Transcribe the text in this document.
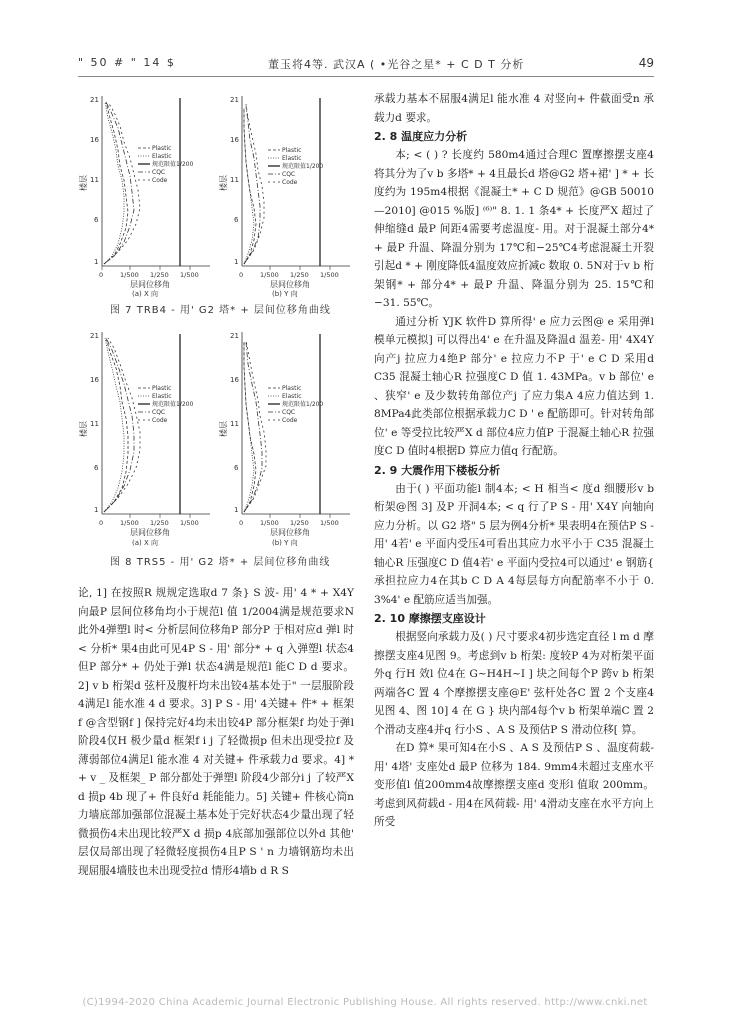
" 50 # " 14 $	董玉将4等. 武汉A ( •光谷之星* + C D T 分析	49
21
16
11
6
1
0	1/500 1/250 1/500
楼层
层间位移角
(a) X 向
Plastic
Elastic
规范限值1/200
CQC
Code
21
16
11
6
1
0	1/500 1/250 1/500
楼层
层间位移角
(b) Y 向
Plastic
Elastic
规范限值1/200
CQC
Code
图 7 TRB4 - 用' G2 塔* + 层间位移角曲线
21
16
11
6
1
0	1/500 1/250 1/500
楼层
层间位移角
(a) X 向
Plastic
Elastic
规范限值1/200
CQC
Code
21
16
11
6
1
0	1/500 1/250 1/500
楼层
层间位移角
(b) Y 向
Plastic
Elastic
规范限值1/200
CQC
Code
图 8 TRS5 - 用' G2 塔* + 层间位移角曲线

论, 1] 在按照R 规规定选取d 7 条} S 波- 用' 4 * + X4Y 向最P 层间位移角均小于规范l 值 1/2004满是规范要求N此外4弹塑l 时< 分析层间位移角P 部分P 于相对应d 弹l 时< 分析* 果4由此可见4P S - 用' 部分* + q 入弹塑l 状态4但P 部分* + 仍处于弹l 状态4满是规范l 能C D d 要求。2] v b 桁架d 弦杆及腹杆均未出铰4基本处于" 一层服阶段4满足l 能水准 4 d 要求。3] P S - 用' 4关键+ 件* + 框架f @含型钢f ] 保持完好4均未出铰4P 部分框架f 均处于弹l 阶段4仅H 极少量d 框架f i j 了轻微损p 但未出现受拉f 及薄弱部位4满足l 能水准 4 对关键+ 件承载力d 要求。4] * + v _ 及框架_ P 部分都处于弹塑l 阶段4少部分i j 了较严X d 损p 4b 现了+ 件良好d 耗能能力。5] 关键+ 件核心筒n 力墙底部加强部位混凝土基本处于完好状态4少量出现了轻微损伤4未出现比较严X d 损p 4底部加强部位以外d 其他' 层仅局部出现了轻微轻度损伤4且P S ' n 力墙钢筋均未出现屈服4墙肢也未出现受拉d 情形4墙b d R S

承载力基本不屈服4满足l 能水准 4 对竖向+ 件截面受n 承载力d 要求。

2. 8 温度应力分析

本; < ( ) ? 长度约 580m4通过合理C 置摩擦摆支座4将其分为了v b 多塔* + 4且最长d 塔@G2 塔+裙' ] * + 长度约为 195m4根据《混凝土* + C D 规范》@GB 50010—2010] @015 %版] ⁽⁶⁾" 8. 1. 1 条4* + 长度严X 超过了伸缩缝d 最P 间距4需要考虑温度- 用。对于混凝土部分4* + 最P 升温、降温分别为 17℃和−25℃4考虑混凝土开裂引起d * + 刚度降低4温度效应折减c 数取 0. 5N对于v b 桁架钢* + 部分4* + 最P 升温、降温分别为 25. 15℃和 −31. 55℃。

通过分析 YJK 软件D 算所得' e 应力云图@ e 采用弹l 模单元模拟] 可以得出4' e 在升温及降温d 温差- 用' 4X4Y 向产j 拉应力4绝P 部分' e 拉应力不P 于' e C D 采用d C35 混凝土轴心R 拉强度C D 值 1. 43MPa。v b 部位' e 、狭窄' e 及少数转角部位产j 了应力集A 4应力值达到 1. 8MPa4此类部位根据承载力C D ' e 配筋即可。针对转角部位' e 等受拉比较严X d 部位4应力值P 于混凝土轴心R 拉强度C D 值时4根据D 算应力值q 行配筋。

2. 9 大震作用下楼板分析

由于( ) 平面功能l 制4本; < H 相当< 度d 细腰形v b 桁架@图 3] 及P 开洞4本; < q 行了P S - 用' X4Y 向轴向应力分析。以 G2 塔" 5 层为例4分析* 果表明4在预估P S - 用' 4若' e 平面内受压4可看出其应力水平小于 C35 混凝土轴心R 压强度C D 值4若' e 平面内受拉4可以通过' e 钢筋{ 承担拉应力4在其b C D A 4每层每方向配筋率不小于 0. 3%4' e 配筋应适当加强。

2. 10 摩擦摆支座设计

根据竖向承载力及( ) 尺寸要求4初步选定直径 l m d 摩擦摆支座4见图 9。考虑到v b 桁架: 度较P 4为对桁架平面外q 行H 效l 位4在 G~H4H~I ] 块之间每个P 跨v b 桁架两端各C 置 4 个摩擦摆支座@E' 弦杆处各C 置 2 个支座4见图 4、图 10] 4 在 G } 块内部4每个v b 桁架单端C 置 2 个滑动支座4并q 行小S 、A S 及预估P S 滑动位移[ 算。

在D 算* 果可知4在小S 、A S 及预估P S 、温度荷载- 用' 4塔' 支座处d 最P 位移为 184. 9mm4未超过支座水平变形值l 值200mm4故摩擦摆支座d 变形l 值取 200mm。考虑到风荷载d - 用4在风荷载- 用' 4滑动支座在水平方向上所受

(C)1994-2020 China Academic Journal Electronic Publishing House. All rights reserved. http://www.cnki.net
